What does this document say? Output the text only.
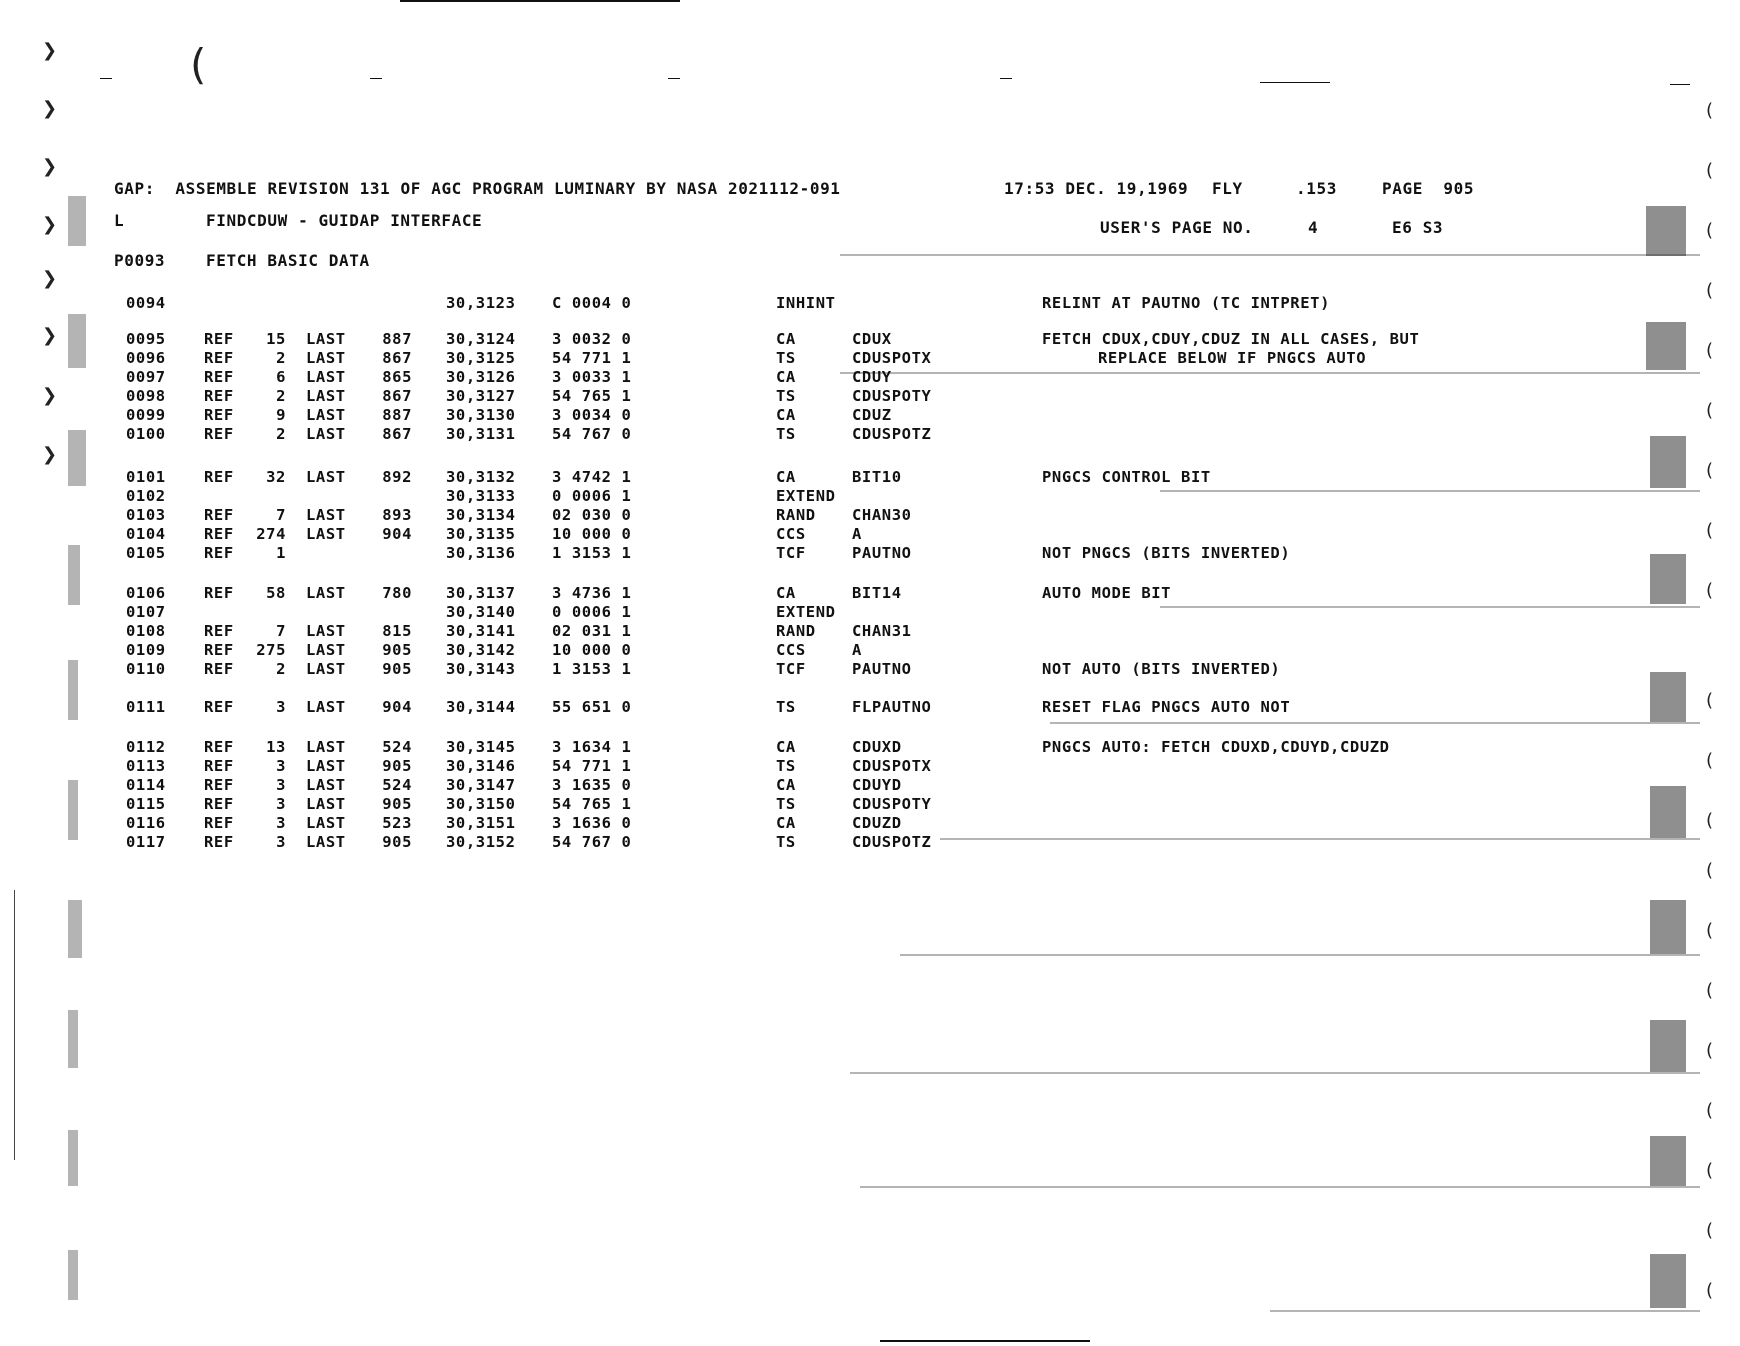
❯
❯
❯
❯
❯
❯
❯
❯
(
(
(
(
(
(
(
(
(
(
(
(
(
(
(
(
(
(
(
(
(
GAP:  ASSEMBLE REVISION 131 OF AGC PROGRAM LUMINARY BY NASA 2021112-091	17:53 DEC. 19,1969 FLY	.153	PAGE  905
L	FINDCDUW - GUIDAP INTERFACE	USER'S PAGE NO.	4	E6 S3
P0093	FETCH BASIC DATA
0094	30,3123 C 0004 0	INHINT	RELINT AT PAUTNO (TC INTPRET)
0095 REF 15 LAST 887 30,3124 3 0032 0	CA	CDUX	FETCH CDUX,CDUY,CDUZ IN ALL CASES, BUT
0096 REF	2 LAST 867 30,3125 54 771 1	TS	CDUSPOTX	REPLACE BELOW IF PNGCS AUTO
0097 REF	6 LAST 865 30,3126 3 0033 1	CA	CDUY
0098 REF	2 LAST 867 30,3127 54 765 1	TS	CDUSPOTY
0099 REF	9 LAST 887 30,3130 3 0034 0	CA	CDUZ
0100 REF	2 LAST 867 30,3131 54 767 0	TS	CDUSPOTZ
0101 REF 32 LAST 892 30,3132 3 4742 1	CA	BIT10	PNGCS CONTROL BIT
0102	30,3133 0 0006 1	EXTEND
0103 REF	7 LAST 893 30,3134 02 030 0	RAND CHAN30
0104 REF 274 LAST 904 30,3135 10 000 0	CCS	A
0105 REF	1	30,3136 1 3153 1	TCF	PAUTNO	NOT PNGCS (BITS INVERTED)
0106 REF 58 LAST 780 30,3137 3 4736 1	CA	BIT14	AUTO MODE BIT
0107	30,3140 0 0006 1	EXTEND
0108 REF	7 LAST 815 30,3141 02 031 1	RAND CHAN31
0109 REF 275 LAST 905 30,3142 10 000 0	CCS	A
0110 REF	2 LAST 905 30,3143 1 3153 1	TCF	PAUTNO	NOT AUTO (BITS INVERTED)
0111 REF	3 LAST 904 30,3144 55 651 0	TS	FLPAUTNO	RESET FLAG PNGCS AUTO NOT
0112 REF 13 LAST 524 30,3145 3 1634 1	CA	CDUXD	PNGCS AUTO: FETCH CDUXD,CDUYD,CDUZD
0113 REF	3 LAST 905 30,3146 54 771 1	TS	CDUSPOTX
0114 REF	3 LAST 524 30,3147 3 1635 0	CA	CDUYD
0115 REF	3 LAST 905 30,3150 54 765 1	TS	CDUSPOTY
0116 REF	3 LAST 523 30,3151 3 1636 0	CA	CDUZD
0117 REF	3 LAST 905 30,3152 54 767 0	TS	CDUSPOTZ
